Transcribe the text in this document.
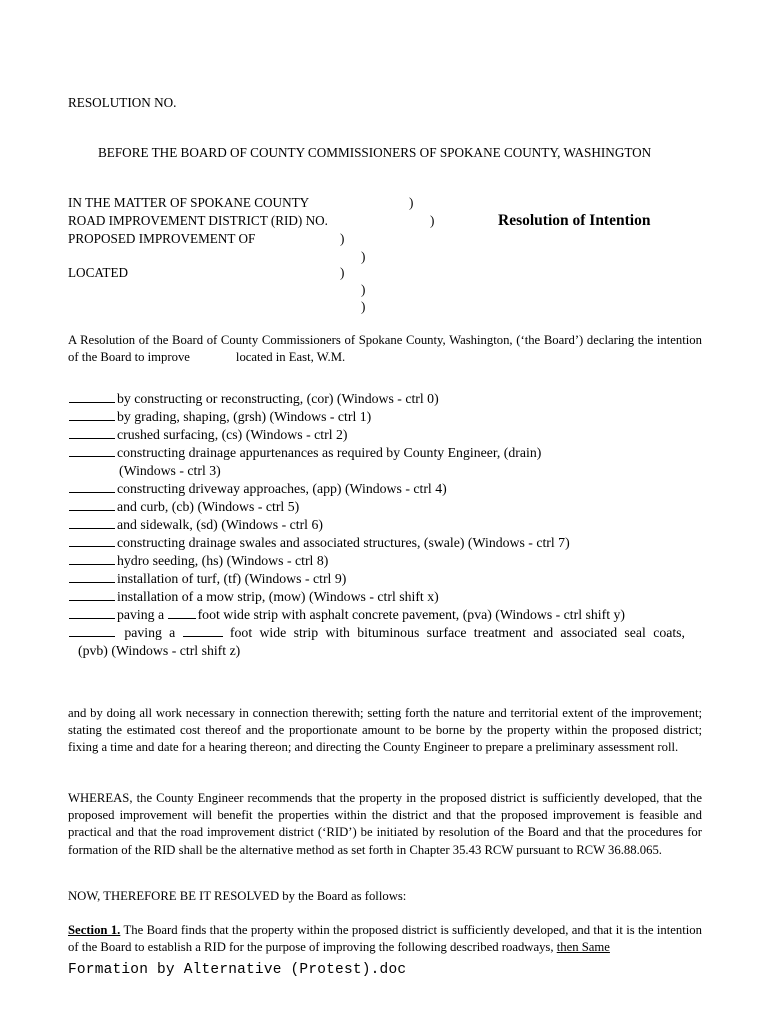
RESOLUTION NO.
BEFORE THE BOARD OF COUNTY COMMISSIONERS OF SPOKANE COUNTY, WASHINGTON
IN THE MATTER OF SPOKANE COUNTY
ROAD IMPROVEMENT DISTRICT (RID) NO.
PROPOSED IMPROVEMENT OF
LOCATED
)
)
)
)
)
)
)
Resolution of Intention
A Resolution of the Board of County Commissioners of Spokane County, Washington, (‘the Board’) declaring the intention of the Board to improve	located in East, W.M.
by constructing or reconstructing, (cor) (Windows - ctrl 0)
by grading, shaping, (grsh) (Windows - ctrl 1)
crushed surfacing, (cs) (Windows - ctrl 2)
constructing drainage appurtenances as required by County Engineer, (drain)
(Windows - ctrl 3)
constructing driveway approaches, (app) (Windows - ctrl 4)
and curb, (cb) (Windows - ctrl 5)
and sidewalk, (sd) (Windows - ctrl 6)
constructing drainage swales and associated structures, (swale) (Windows - ctrl 7)
hydro seeding, (hs) (Windows - ctrl 8)
installation of turf, (tf) (Windows - ctrl 9)
installation of a mow strip, (mow) (Windows - ctrl shift x)
paving a foot wide strip with asphalt concrete pavement, (pva) (Windows - ctrl shift y)
paving a	foot wide strip with bituminous surface treatment and associated seal coats,
(pvb) (Windows - ctrl shift z)
and by doing all work necessary in connection therewith; setting forth the nature and territorial extent of the improvement; stating the estimated cost thereof and the proportionate amount to be borne by the property within the proposed district; fixing a time and date for a hearing thereon; and directing the County Engineer to prepare a preliminary assessment roll.
WHEREAS, the County Engineer recommends that the property in the proposed district is sufficiently developed, that the proposed improvement will benefit the properties within the district and that the proposed improvement is feasible and practical and that the road improvement district (‘RID’) be initiated by resolution of the Board and that the procedures for formation of the RID shall be the alternative method as set forth in Chapter 35.43 RCW pursuant to RCW 36.88.065.
NOW, THEREFORE BE IT RESOLVED by the Board as follows:
Section 1. The Board finds that the property within the proposed district is sufficiently developed, and that it is the intention of the Board to establish a RID for the purpose of improving the following described roadways, then Same
Formation by Alternative (Protest).doc
